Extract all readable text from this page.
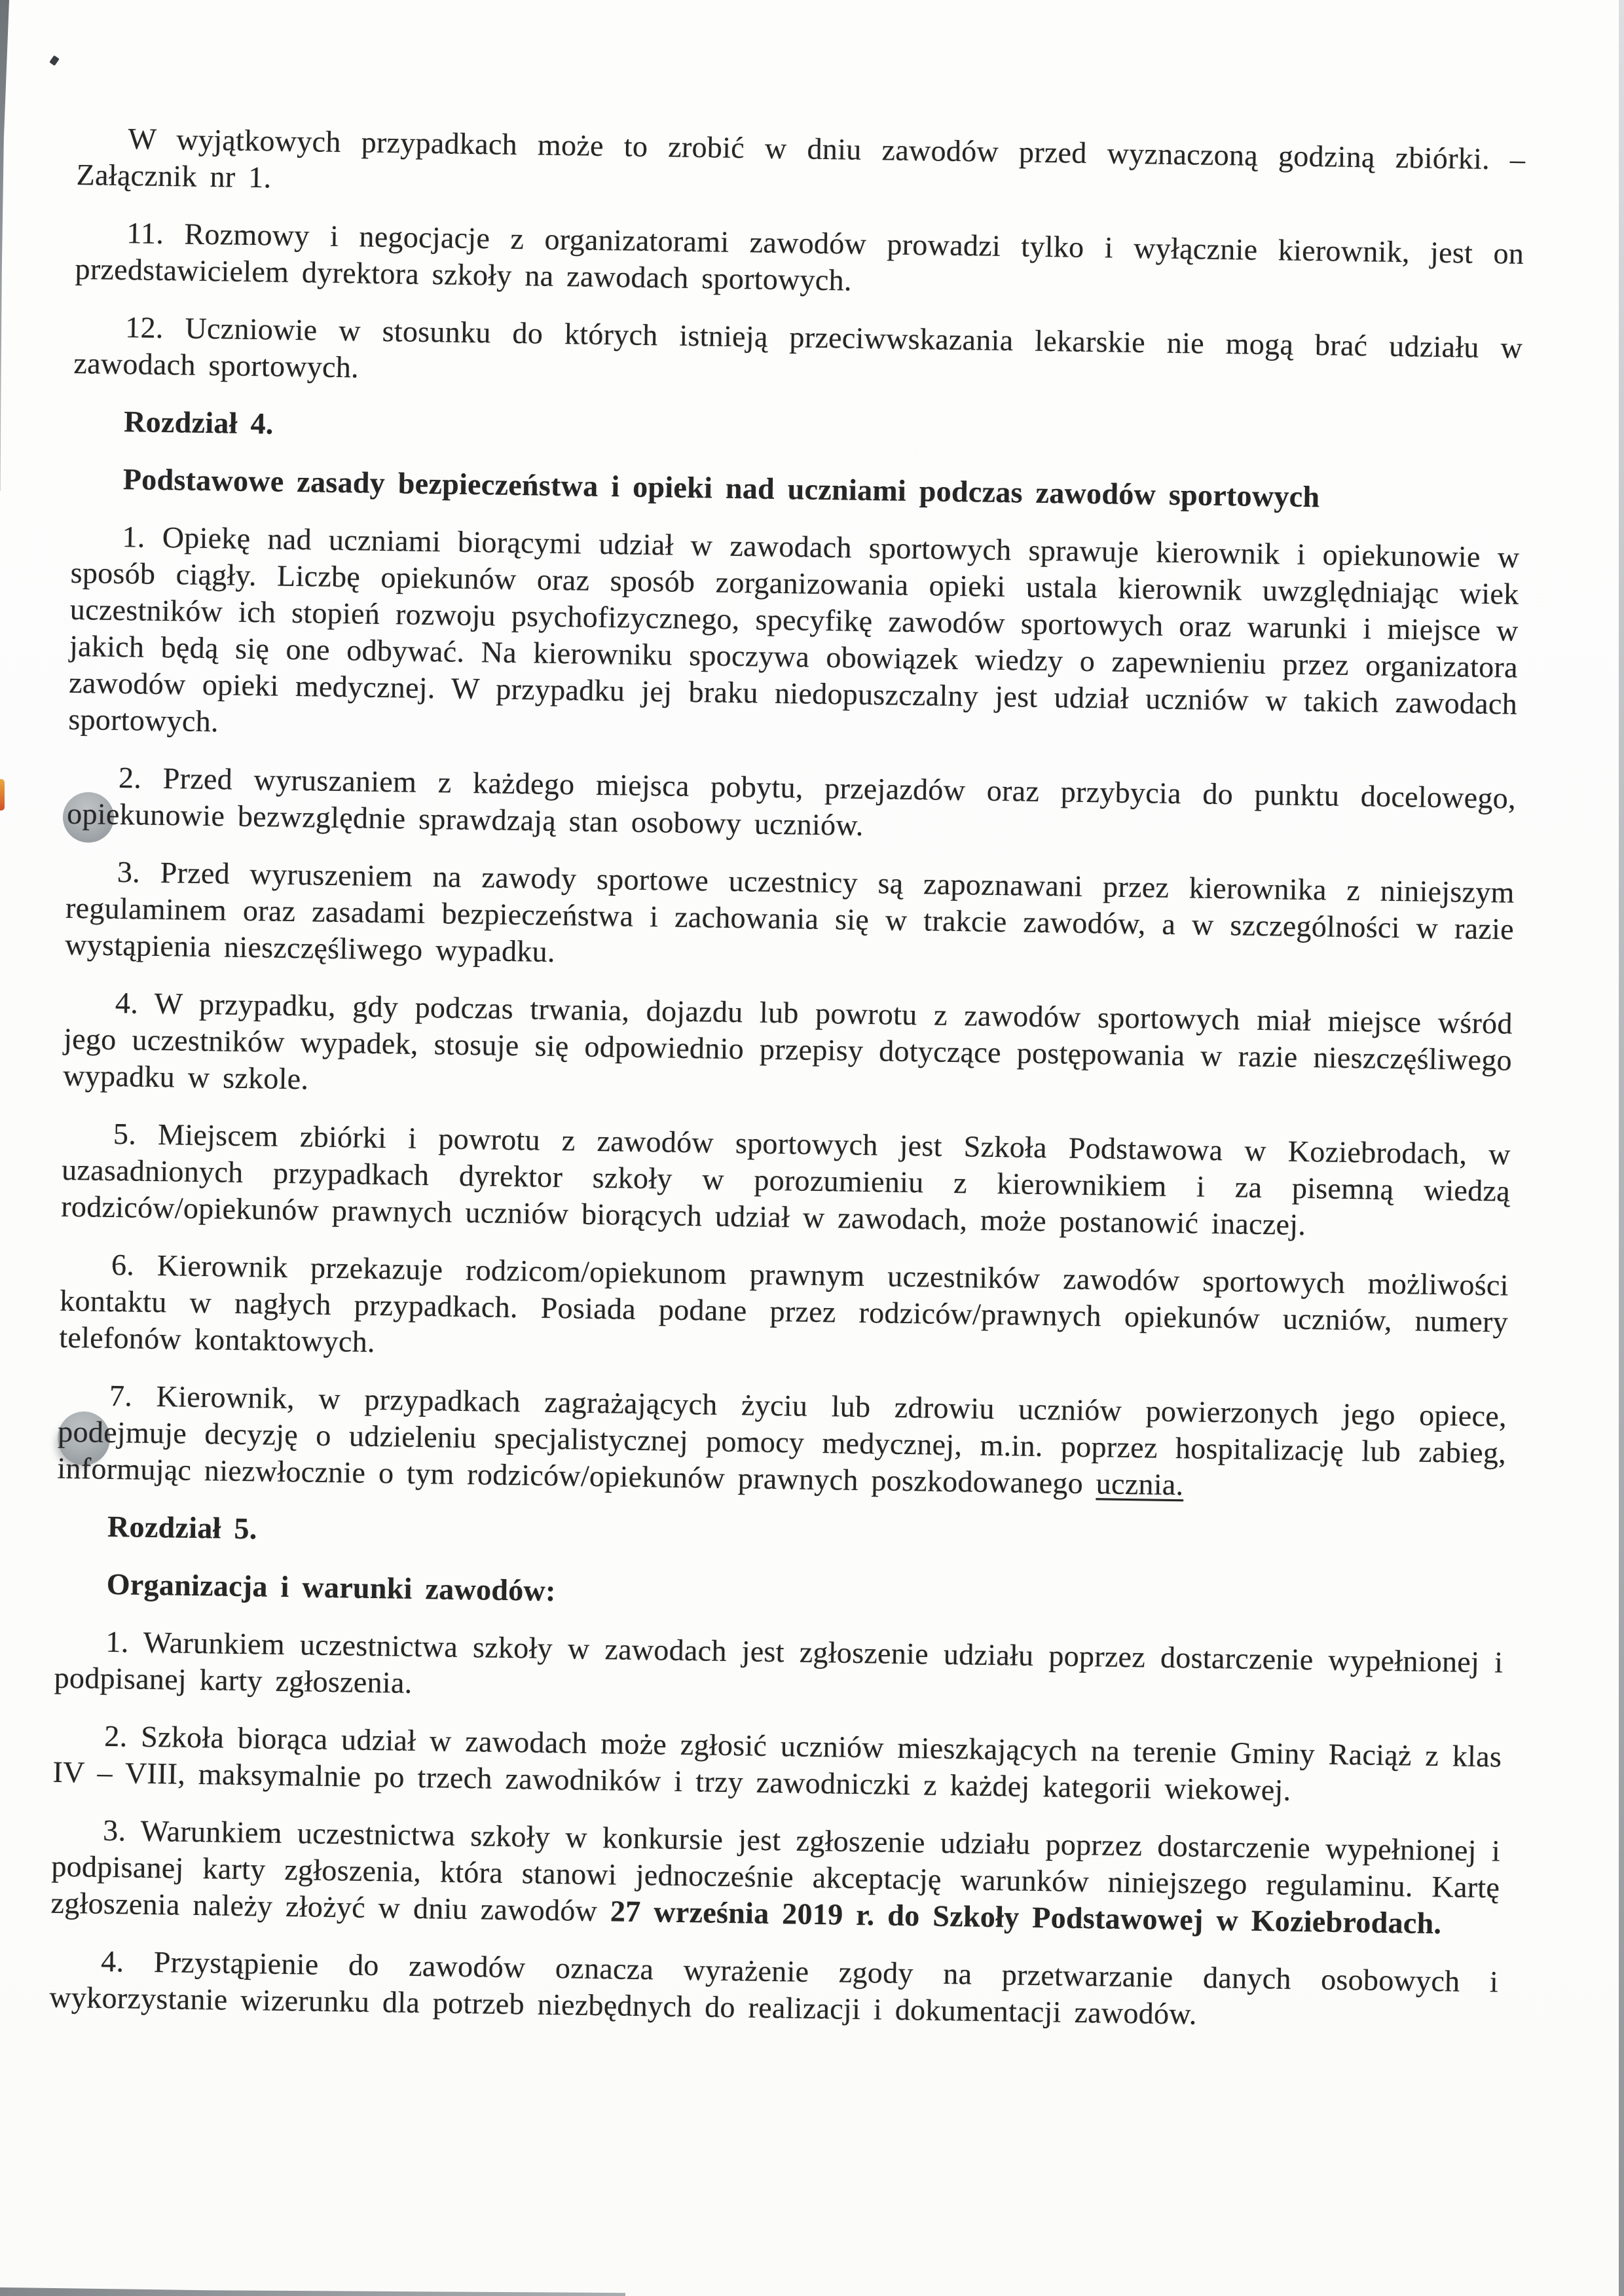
W wyjątkowych przypadkach może to zrobić w dniu zawodów przed wyznaczoną godziną zbiórki. – Załącznik nr 1.

11. Rozmowy i negocjacje z organizatorami zawodów prowadzi tylko i wyłącznie kierownik, jest on przedstawicielem dyrektora szkoły na zawodach sportowych.

12. Uczniowie w stosunku do których istnieją przeciwwskazania lekarskie nie mogą brać udziału w zawodach sportowych.

Rozdział 4.

Podstawowe zasady bezpieczeństwa i opieki nad uczniami podczas zawodów sportowych

1. Opiekę nad uczniami biorącymi udział w zawodach sportowych sprawuje kierownik i opiekunowie w sposób ciągły. Liczbę opiekunów oraz sposób zorganizowania opieki ustala kierownik uwzględniając wiek uczestników ich stopień rozwoju psychofizycznego, specyfikę zawodów sportowych oraz warunki i miejsce w jakich będą się one odbywać. Na kierowniku spoczywa obowiązek wiedzy o zapewnieniu przez organizatora zawodów opieki medycznej. W przypadku jej braku niedopuszczalny jest udział uczniów w takich zawodach sportowych.

2. Przed wyruszaniem z każdego miejsca pobytu, przejazdów oraz przybycia do punktu docelowego, opiekunowie bezwzględnie sprawdzają stan osobowy uczniów.

3. Przed wyruszeniem na zawody sportowe uczestnicy są zapoznawani przez kierownika z niniejszym regulaminem oraz zasadami bezpieczeństwa i zachowania się w trakcie zawodów, a w szczególności w razie wystąpienia nieszczęśliwego wypadku.

4. W przypadku, gdy podczas trwania, dojazdu lub powrotu z zawodów sportowych miał miejsce wśród jego uczestników wypadek, stosuje się odpowiednio przepisy dotyczące postępowania w razie nieszczęśliwego wypadku w szkole.

5. Miejscem zbiórki i powrotu z zawodów sportowych jest Szkoła Podstawowa w Koziebrodach, w uzasadnionych przypadkach dyrektor szkoły w porozumieniu z kierownikiem i za pisemną wiedzą rodziców/opiekunów prawnych uczniów biorących udział w zawodach, może postanowić inaczej.

6. Kierownik przekazuje rodzicom/opiekunom prawnym uczestników zawodów sportowych możliwości kontaktu w nagłych przypadkach. Posiada podane przez rodziców/prawnych opiekunów uczniów, numery telefonów kontaktowych.

7. Kierownik, w przypadkach zagrażających życiu lub zdrowiu uczniów powierzonych jego opiece, podejmuje decyzję o udzieleniu specjalistycznej pomocy medycznej, m.in. poprzez hospitalizację lub zabieg, informując niezwłocznie o tym rodziców/opiekunów prawnych poszkodowanego ucznia.

Rozdział 5.

Organizacja i warunki zawodów:

1. Warunkiem uczestnictwa szkoły w zawodach jest zgłoszenie udziału poprzez dostarczenie wypełnionej i podpisanej karty zgłoszenia.

2. Szkoła biorąca udział w zawodach może zgłosić uczniów mieszkających na terenie Gminy Raciąż z klas IV – VIII, maksymalnie po trzech zawodników i trzy zawodniczki z każdej kategorii wiekowej.

3. Warunkiem uczestnictwa szkoły w konkursie jest zgłoszenie udziału poprzez dostarczenie wypełnionej i podpisanej karty zgłoszenia, która stanowi jednocześnie akceptację warunków niniejszego regulaminu. Kartę zgłoszenia należy złożyć w dniu zawodów 27 września 2019 r. do Szkoły Podstawowej w Koziebrodach.

4. Przystąpienie do zawodów oznacza wyrażenie zgody na przetwarzanie danych osobowych i wykorzystanie wizerunku dla potrzeb niezbędnych do realizacji i dokumentacji zawodów.
